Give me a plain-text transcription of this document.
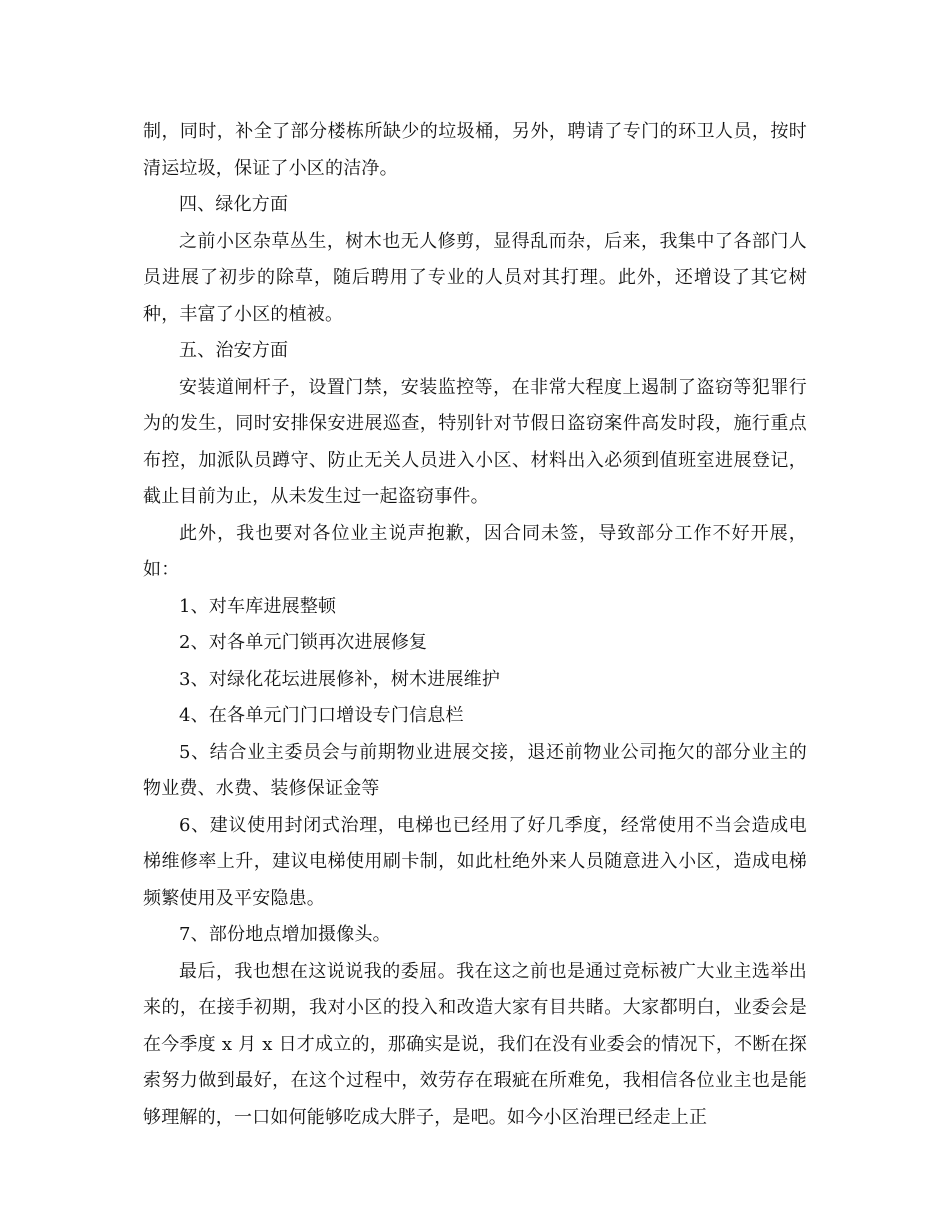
制，同时，补全了部分楼栋所缺少的垃圾桶，另外，聘请了专门的环卫人员，按时清运垃圾，保证了小区的洁净。

四、绿化方面

之前小区杂草丛生，树木也无人修剪，显得乱而杂，后来，我集中了各部门人员进展了初步的除草，随后聘用了专业的人员对其打理。此外，还增设了其它树种，丰富了小区的植被。

五、治安方面

安装道闸杆子，设置门禁，安装监控等，在非常大程度上遏制了盗窃等犯罪行为的发生，同时安排保安进展巡查，特别针对节假日盗窃案件高发时段，施行重点布控，加派队员蹲守、防止无关人员进入小区、材料出入必须到值班室进展登记，截止目前为止，从未发生过一起盗窃事件。

此外，我也要对各位业主说声抱歉，因合同未签，导致部分工作不好开展，如：

1、对车库进展整顿

2、对各单元门锁再次进展修复

3、对绿化花坛进展修补，树木进展维护

4、在各单元门门口增设专门信息栏

5、结合业主委员会与前期物业进展交接，退还前物业公司拖欠的部分业主的物业费、水费、装修保证金等

6、建议使用封闭式治理，电梯也已经用了好几季度，经常使用不当会造成电梯维修率上升，建议电梯使用刷卡制，如此杜绝外来人员随意进入小区，造成电梯频繁使用及平安隐患。

7、部份地点增加摄像头。

最后，我也想在这说说我的委屈。我在这之前也是通过竞标被广大业主选举出来的，在接手初期，我对小区的投入和改造大家有目共睹。大家都明白，业委会是在今季度 x 月 x 日才成立的，那确实是说，我们在没有业委会的情况下，不断在探索努力做到最好，在这个过程中，效劳存在瑕疵在所难免，我相信各位业主也是能够理解的，一口如何能够吃成大胖子，是吧。如今小区治理已经走上正
